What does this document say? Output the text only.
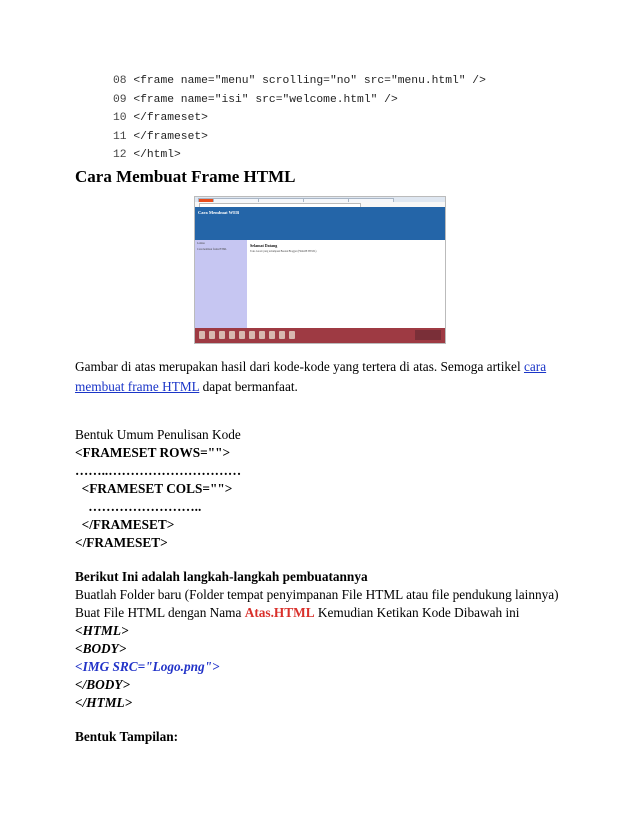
08 <frame name="menu" scrolling="no" src="menu.html" />
09 <frame name="isi" src="welcome.html" />
10 </frameset>
11 </frameset>
12 </html>
Cara Membuat Frame HTML
Cara Membuat WEB
Lalalua
Cara membuat frame HTML
Selamat Datang
Toko Grosir yang terlampaui Buatan Blogger (FRAME HTML)
Gambar di atas merupakan hasil dari kode-kode yang tertera di atas. Semoga artikel cara membuat frame HTML dapat bermanfaat.
Bentuk Umum Penulisan Kode
<FRAMESET ROWS="">
……..…………………………
<FRAMESET COLS="">
……………………..
</FRAMESET>
</FRAMESET>
Berikut Ini adalah langkah-langkah pembuatannya
Buatlah Folder baru (Folder tempat penyimpanan File HTML atau file pendukung lainnya)
Buat File HTML dengan Nama Atas.HTML Kemudian Ketikan Kode Dibawah ini
<HTML>
<BODY>
<IMG SRC="Logo.png">
</BODY>
</HTML>
Bentuk Tampilan:
